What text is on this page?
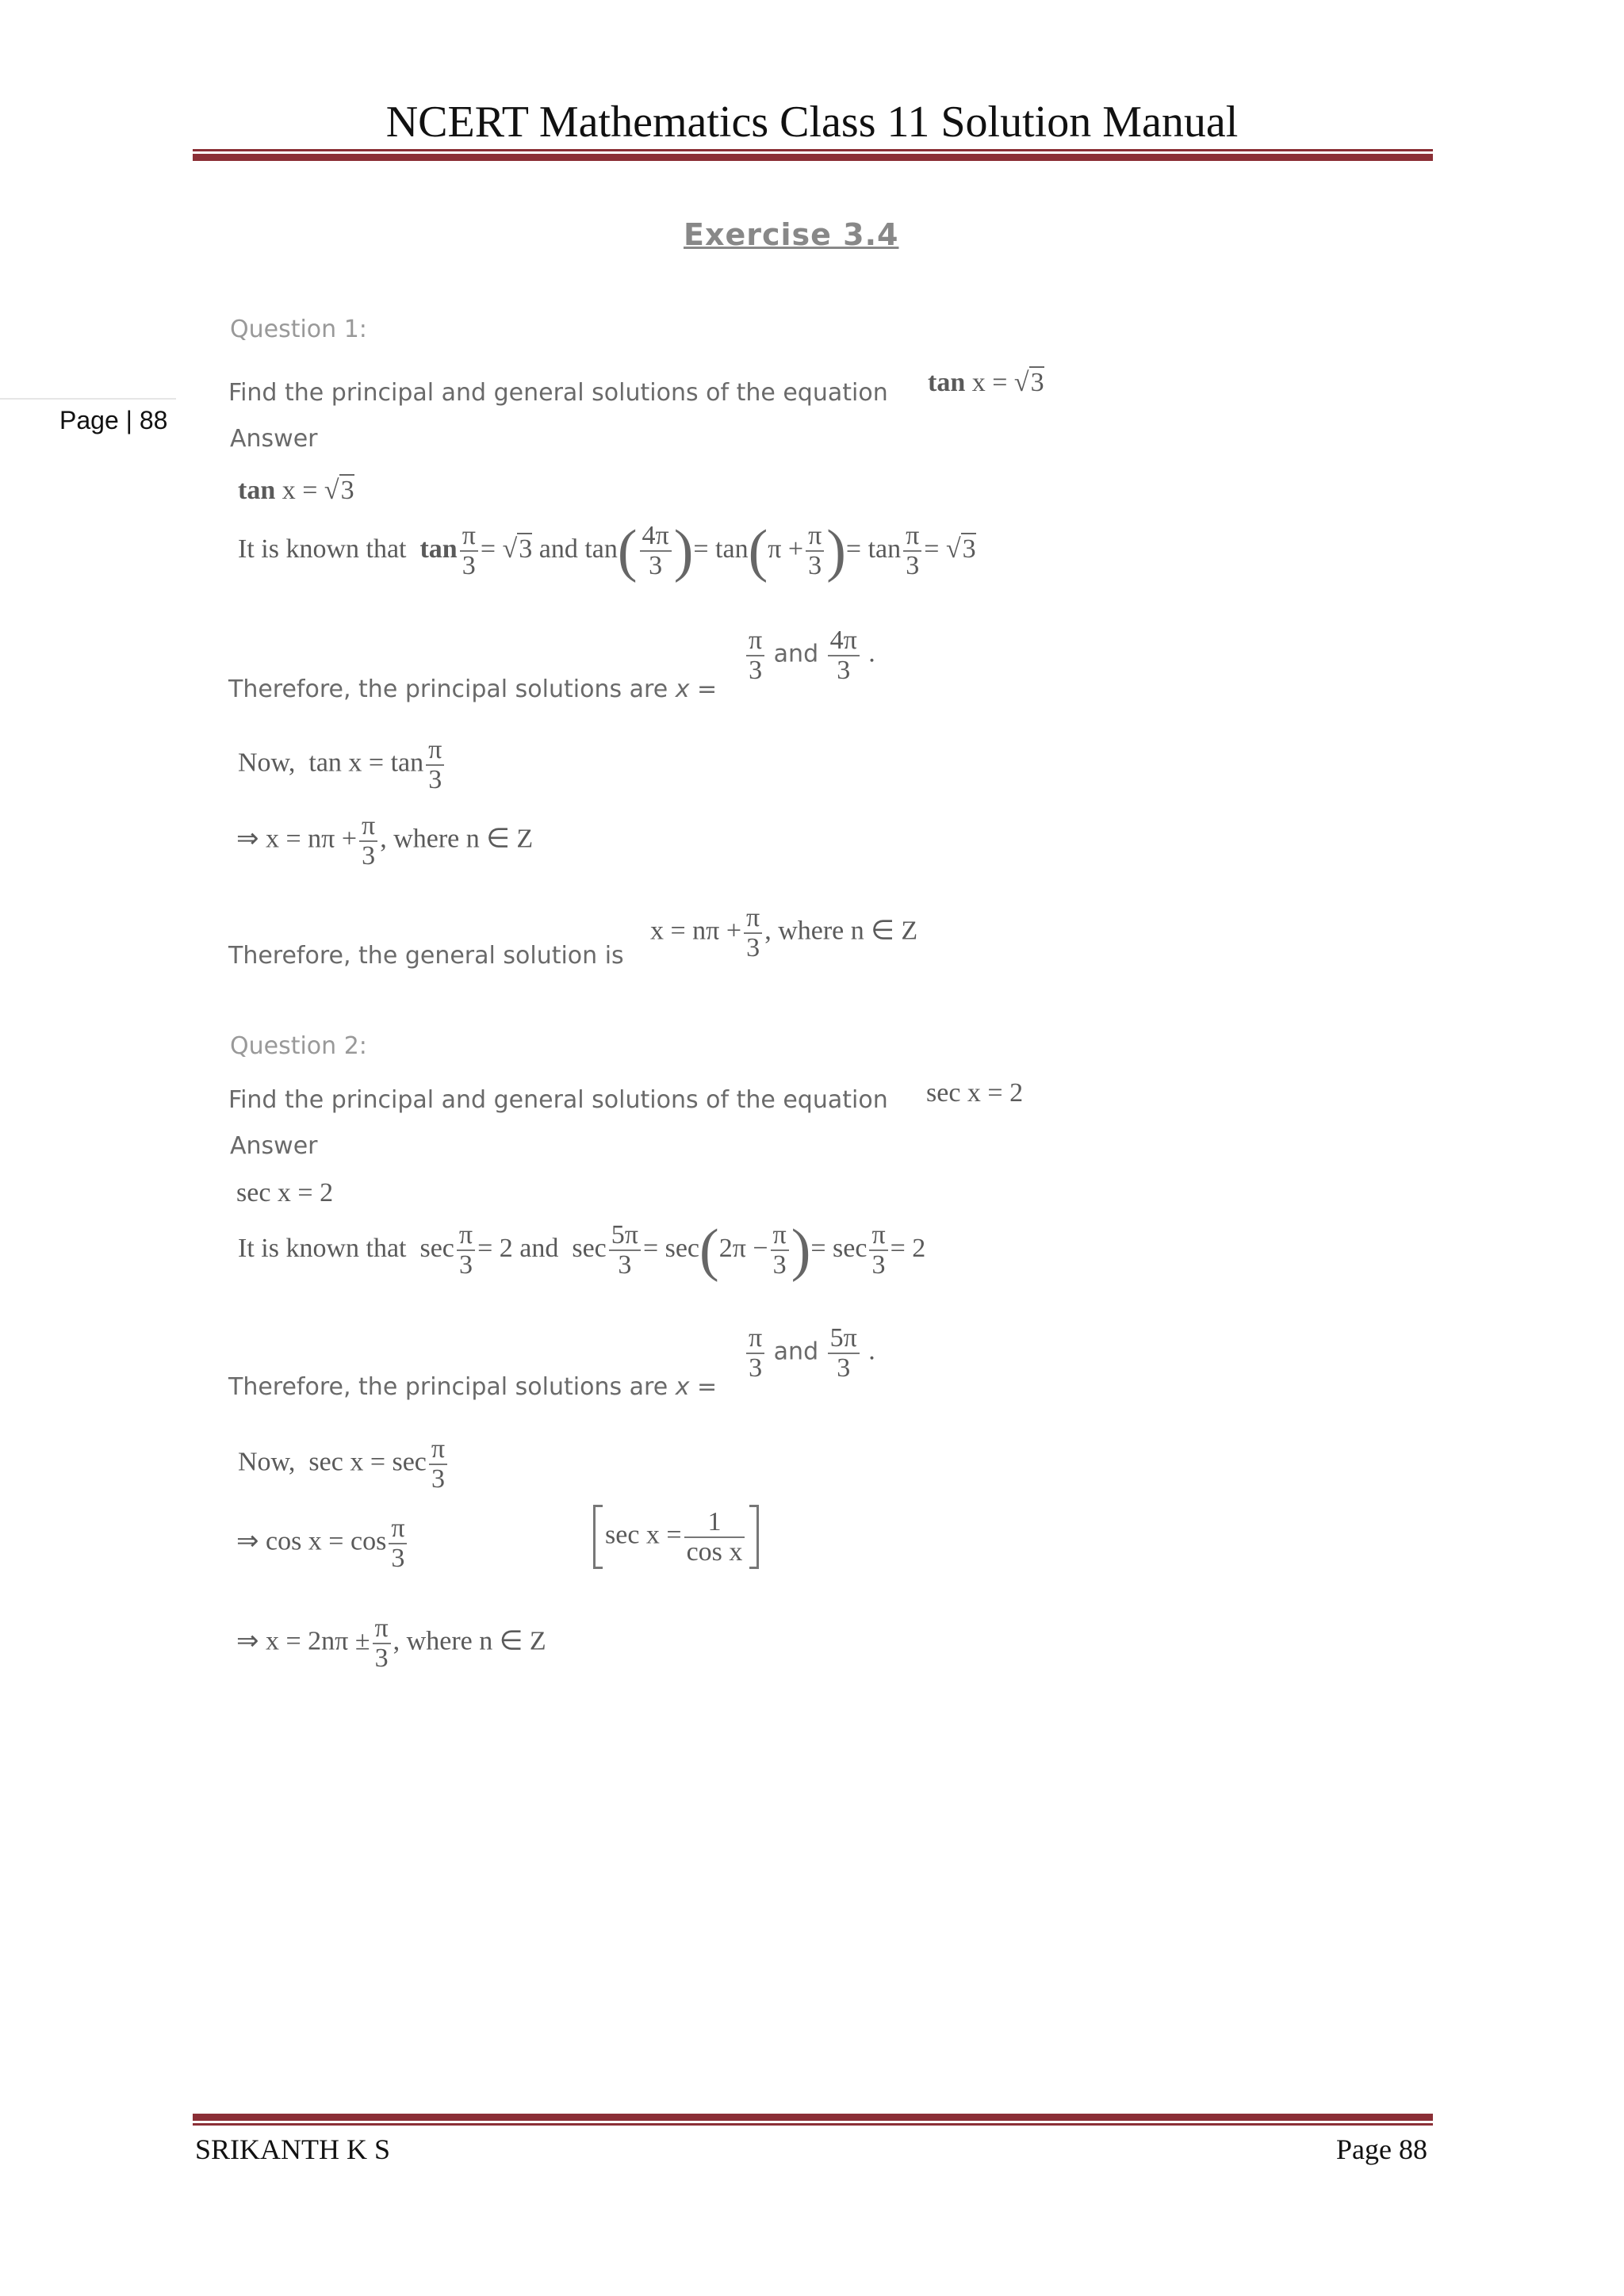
NCERT Mathematics Class 11 Solution Manual
Page | 88
Exercise 3.4
Question 1:
Find the principal and general solutions of the equation tan x = √3
Answer
tan x = √3
It is known that  $\tan \frac{\pi}{3} = √3$ and $\tan( \frac{4\pi}{3}$ )= $\tan(\pi + \frac{\pi}{3}$ )= $\tan \frac{\pi}{3} = √3$
Therefore, the principal solutions are x =
$\frac{\pi}{3}$ and $\frac{4\pi}{3}$ .
Now,  $\tan x = \tan \frac{\pi}{3}$
⇒ $x = n\pi + \frac{\pi}{3}$ , where n ∈ Z
Therefore, the general solution is
$x = n\pi + \frac{\pi}{3}$ , where n ∈ Z
Question 2:
Find the principal and general solutions of the equation sec x = 2
Answer
sec x = 2
It is known that  $\sec \frac{\pi}{3} = 2$ and  $\sec \frac{5\pi}{3} = \sec(2\pi - \frac{\pi}{3}$ )= $\sec \frac{\pi}{3} = 2$
Therefore, the principal solutions are x =
$\frac{\pi}{3}$ and $\frac{5\pi}{3}$ .
Now,  $\sec x = \sec \frac{\pi}{3}$
⇒ $\cos x = \cos \frac{\pi}{3}$	$\sec x = \frac{1}{\text{cos x}}$
⇒ $x = 2n\pi \pm \frac{\pi}{3}$ , where n ∈ Z
SRIKANTH K S	Page 88
